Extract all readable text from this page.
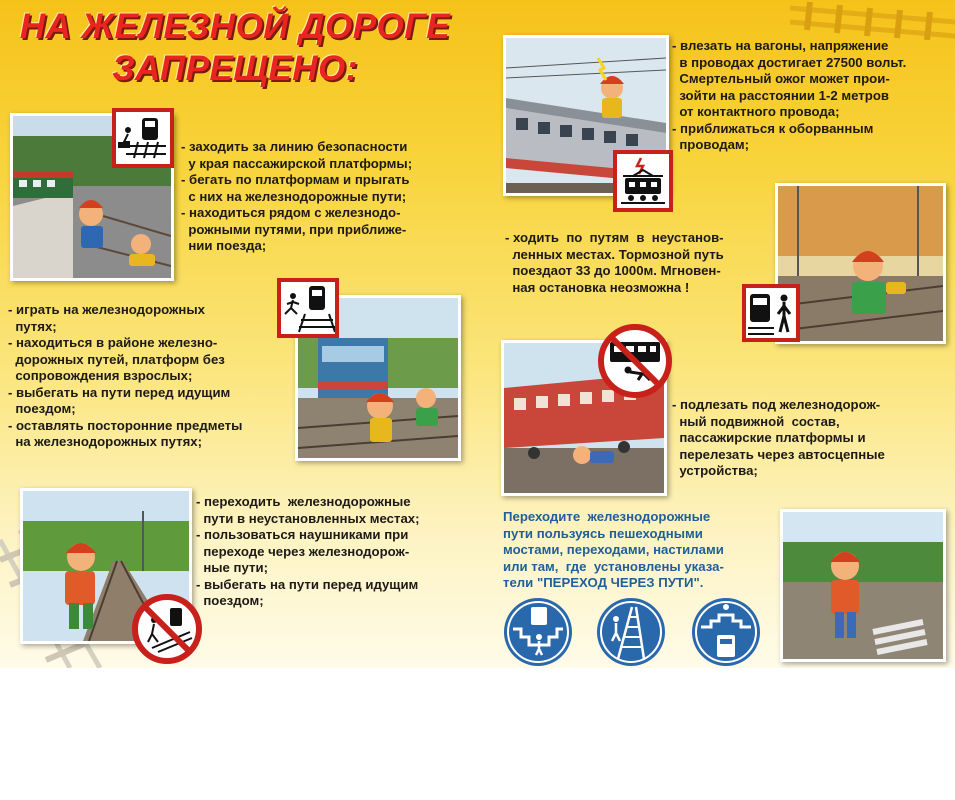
НА ЖЕЛЕЗНОЙ ДОРОГЕ
ЗАПРЕЩЕНО:
- заходить за линию безопасности
у края пассажирской платформы;
- бегать по платформам и прыгать
с них на железнодорожные пути;
- находиться рядом с железнодо-
рожными путями, при приближе-
нии поезда;
- играть на железнодорожных
путях;
- находиться в районе железно-
дорожных путей, платформ без
сопровождения взрослых;
- выбегать на пути перед идущим
поездом;
- оставлять посторонние предметы
на железнодорожных путях;
- переходить  железнодорожные
пути в неустановленных местах;
- пользоваться наушниками при
переходе через железнодорож-
ные пути;
- выбегать на пути перед идущим
поездом;
- влезать на вагоны, напряжение
в проводах достигает 27500 вольт.
Смертельный ожог может прои-
зойти на расстоянии 1-2 метров
от контактного провода;
- приближаться к оборванным
проводам;
- ходить  по  путям  в  неустанов-
ленных местах. Тормозной путь
поездаот 33 до 1000м. Мгновен-
ная остановка неозможна !
- подлезать под железнодорож-
ный подвижной  состав,
пассажирские платформы и
перелезать через автосцепные
устройства;
Переходите  железнодорожные
пути пользуясь пешеходными
мостами, переходами, настилами
или там,  где  установлены указа-
тели "ПЕРЕХОД ЧЕРЕЗ ПУТИ".
